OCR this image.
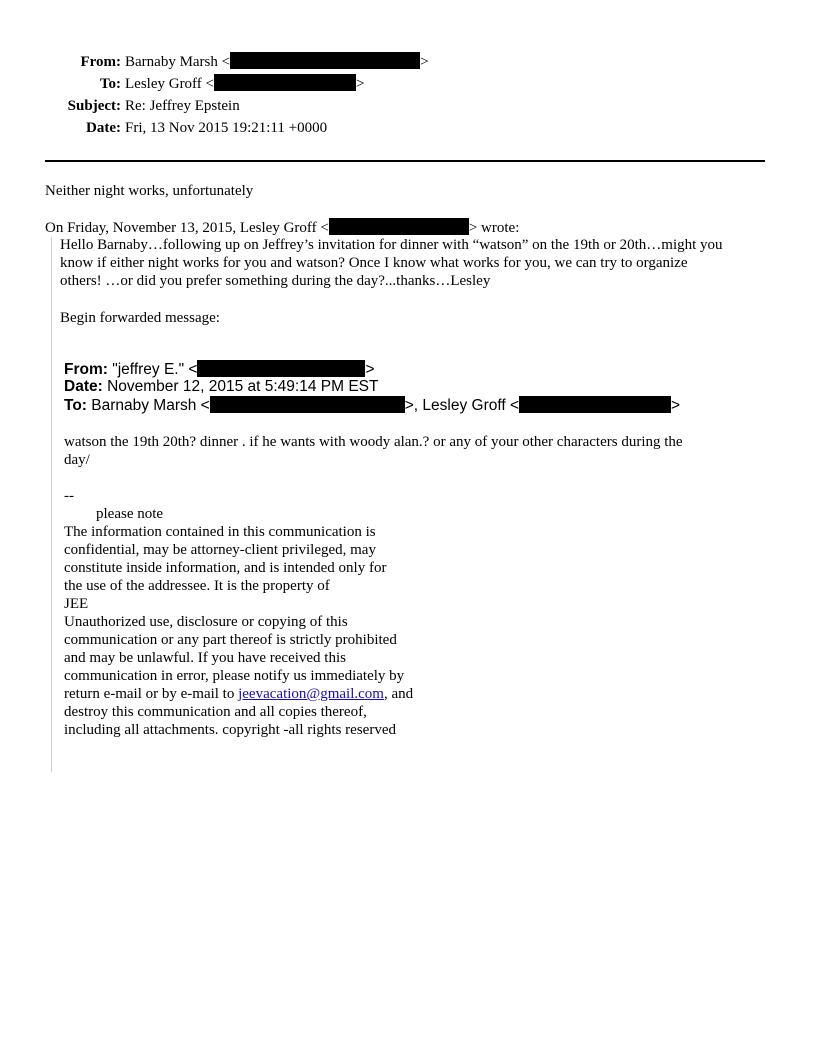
From: Barnaby Marsh <	>
To: Lesley Groff <	>
Subject: Re: Jeffrey Epstein
Date: Fri, 13 Nov 2015 19:21:11 +0000
Neither night works, unfortunately
On Friday, November 13, 2015, Lesley Groff <	> wrote:
Hello Barnaby…following up on Jeffrey’s invitation for dinner with “watson” on the 19th or 20th…might you
know if either night works for you and watson? Once I know what works for you, we can try to organize
others! …or did you prefer something during the day?...thanks…Lesley
Begin forwarded message:
From: "jeffrey E." <	>
Date: November 12, 2015 at 5:49:14 PM EST
To: Barnaby Marsh <	>, Lesley Groff <	>
watson the 19th 20th? dinner . if he wants with woody alan.? or any of your other characters during the
day/
--
please note
return e-mail or by e-mail to jeevacation@gmail.com, and
destroy this communication and all copies thereof,
including all attachments. copyright -all rights reserved
The information contained in this communication is
confidential, may be attorney-client privileged, may
constitute inside information, and is intended only for
the use of the addressee. It is the property of
JEE
Unauthorized use, disclosure or copying of this
communication or any part thereof is strictly prohibited
and may be unlawful. If you have received this
communication in error, please notify us immediately by
